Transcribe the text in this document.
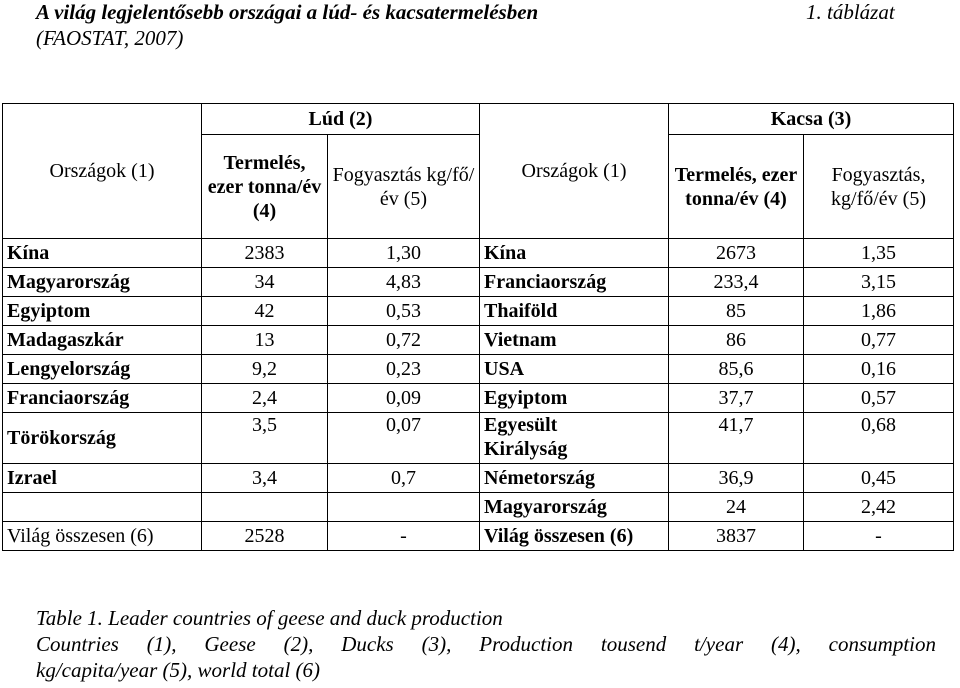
A világ legjelentősebb országai a lúd- és kacsatermelésben	1. táblázat
(FAOSTAT, 2007)
Országok (1)	Lúd (2)		Országok (1)	Kacsa (3)	
	Termelés, ezer tonna/év (4)	Fogyasztás kg/fő/év (5)		Termelés, ezer tonna/év (4)	Fogyasztás, kg/fő/év (5)
Kína	2383	1,30	Kína	2673	1,35
Magyarország	34	4,83	Franciaország	233,4	3,15
Egyiptom	42	0,53	Thaiföld	85	1,86
Madagaszkár	13	0,72	Vietnam	86	0,77
Lengyelország	9,2	0,23	USA	85,6	0,16
Franciaország	2,4	0,09	Egyiptom	37,7	0,57
Törökország	3,5	0,07	Egyesült Királyság	41,7	0,68
Izrael	3,4	0,7	Németország	36,9	0,45
			Magyarország	24	2,42
Világ összesen (6)	2528	-	Világ összesen (6)	3837	-
Table 1. Leader countries of geese and duck production
Countries (1), Geese (2), Ducks (3), Production tousend t/year (4), consumption
kg/capita/year (5), world total (6)
